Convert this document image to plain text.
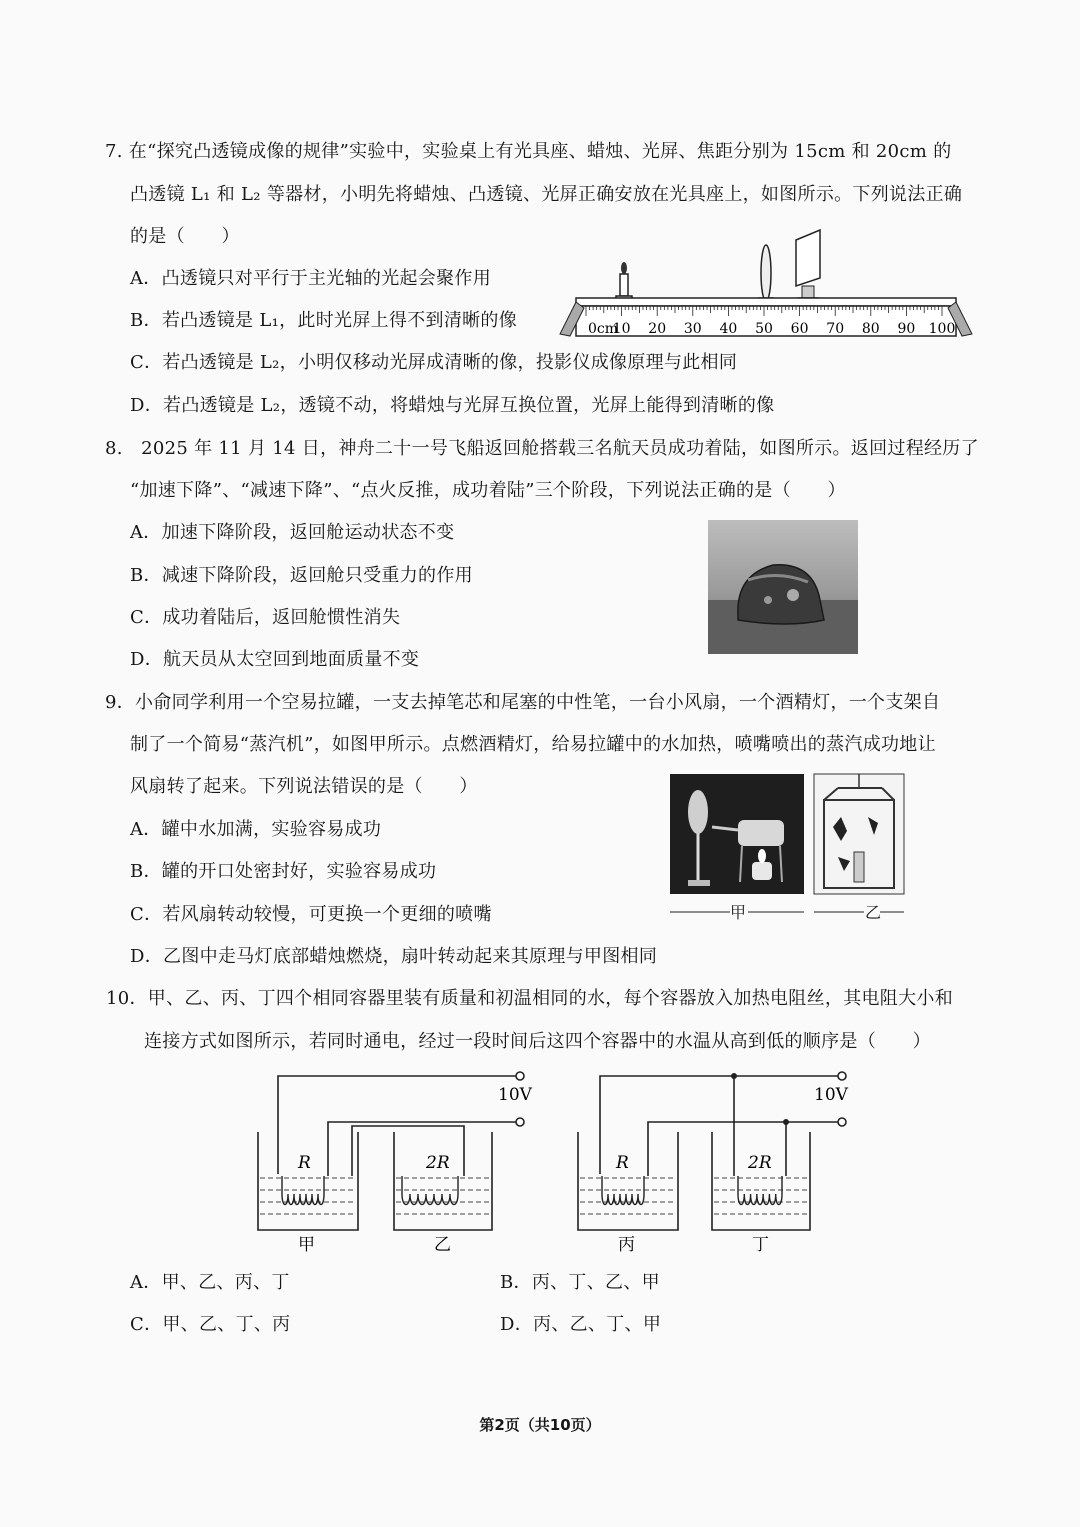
7. 在“探究凸透镜成像的规律”实验中，实验桌上有光具座、蜡烛、光屏、焦距分别为 15cm 和 20cm 的
凸透镜 L₁ 和 L₂ 等器材，小明先将蜡烛、凸透镜、光屏正确安放在光具座上，如图所示。下列说法正确
的是（　　）
A．凸透镜只对平行于主光轴的光起会聚作用
B．若凸透镜是 L₁，此时光屏上得不到清晰的像
C．若凸透镜是 L₂，小明仅移动光屏成清晰的像，投影仪成像原理与此相同
D．若凸透镜是 L₂，透镜不动，将蜡烛与光屏互换位置，光屏上能得到清晰的像
0cm
10 20 30 40 50 60 70 80 90 100
8.　2025 年 11 月 14 日，神舟二十一号飞船返回舱搭载三名航天员成功着陆，如图所示。返回过程经历了
“加速下降”、“减速下降”、“点火反推，成功着陆”三个阶段，下列说法正确的是（　　）
A．加速下降阶段，返回舱运动状态不变
B．减速下降阶段，返回舱只受重力的作用
C．成功着陆后，返回舱惯性消失
D．航天员从太空回到地面质量不变
9．小俞同学利用一个空易拉罐，一支去掉笔芯和尾塞的中性笔，一台小风扇，一个酒精灯，一个支架自
制了一个简易“蒸汽机”，如图甲所示。点燃酒精灯，给易拉罐中的水加热，喷嘴喷出的蒸汽成功地让
风扇转了起来。下列说法错误的是（　　）
A．罐中水加满，实验容易成功
B．罐的开口处密封好，实验容易成功
C．若风扇转动较慢，可更换一个更细的喷嘴
D．乙图中走马灯底部蜡烛燃烧，扇叶转动起来其原理与甲图相同
甲	乙
10．甲、乙、丙、丁四个相同容器里装有质量和初温相同的水，每个容器放入加热电阻丝，其电阻大小和
连接方式如图所示，若同时通电，经过一段时间后这四个容器中的水温从高到低的顺序是（　　）
10V	10V
R	2R	R	2R
甲	乙	丙	丁
A．甲、乙、丙、丁	B．丙、丁、乙、甲
C．甲、乙、丁、丙	D．丙、乙、丁、甲
第2页（共10页）
